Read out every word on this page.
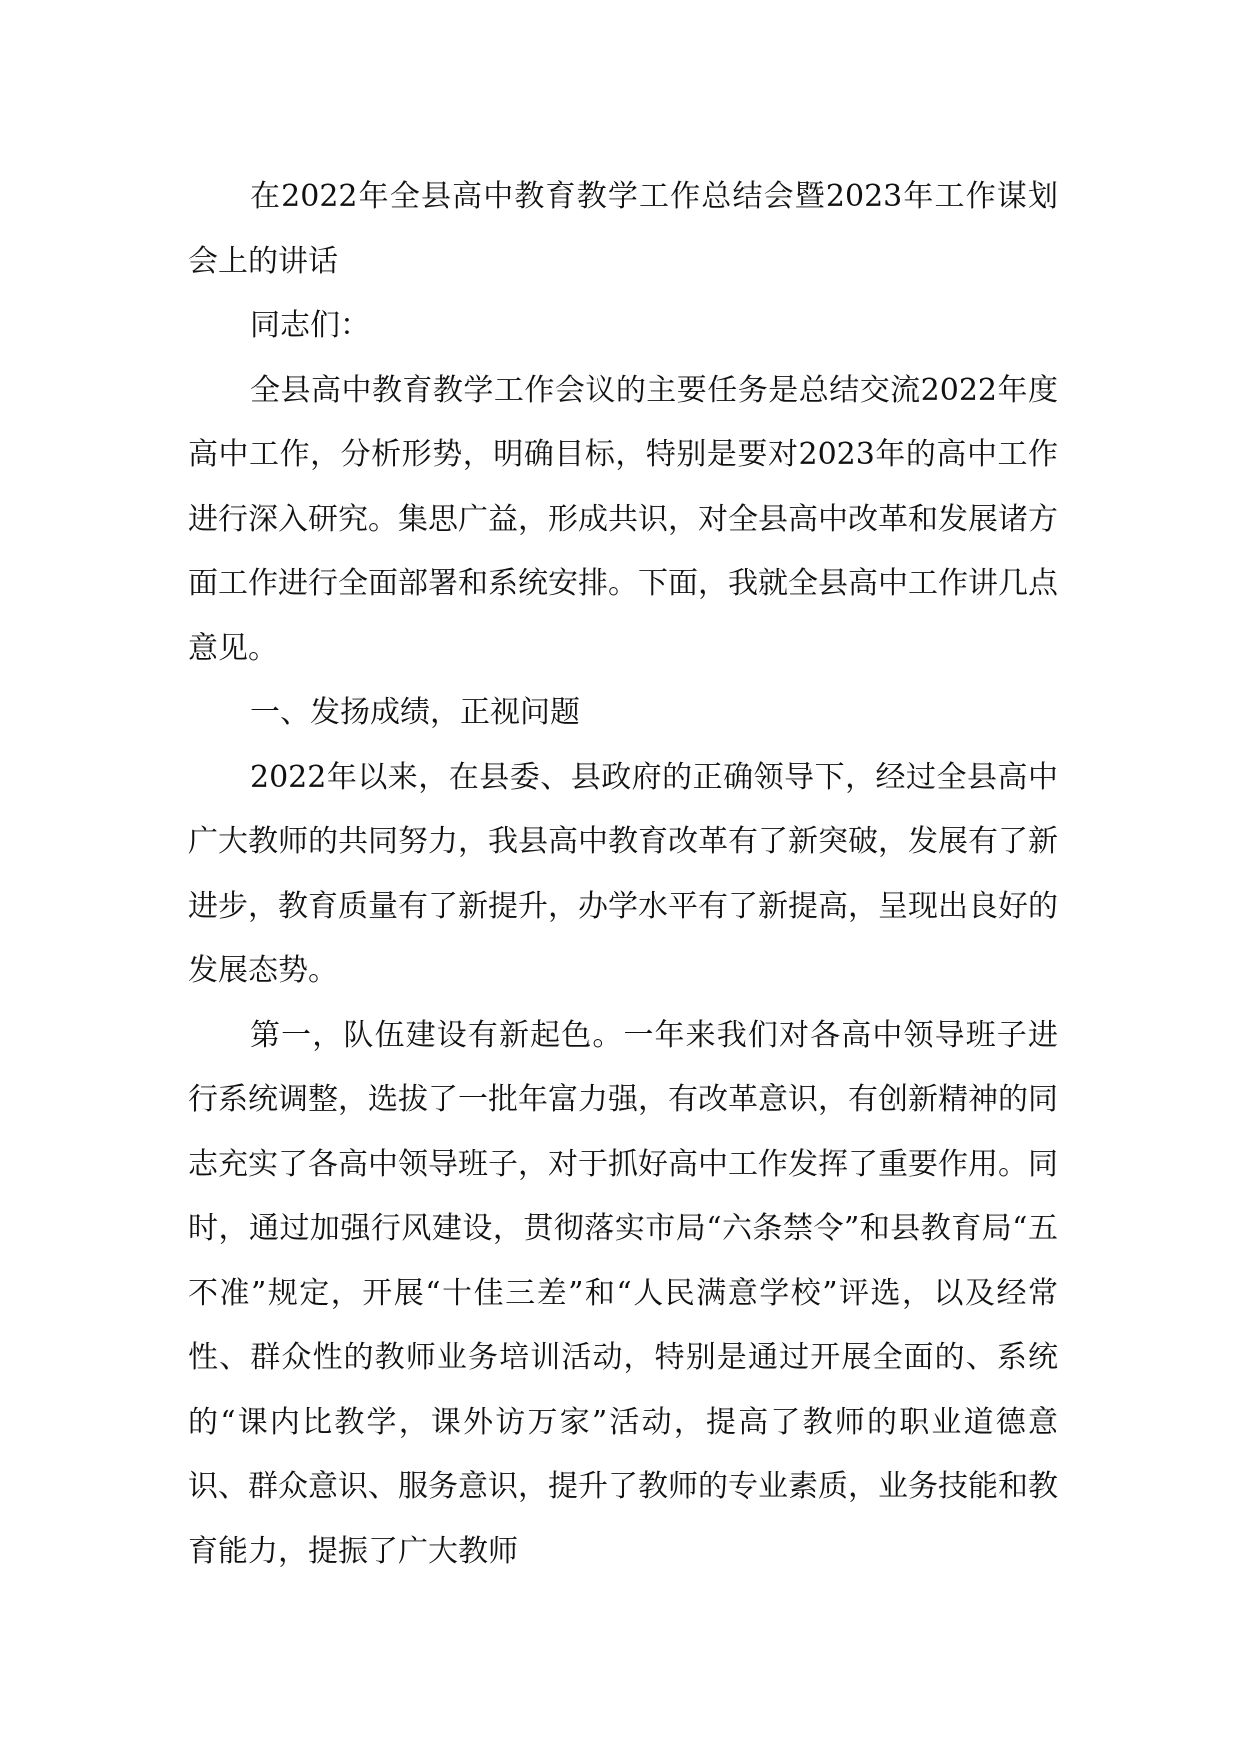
在2022年全县高中教育教学工作总结会暨2023年工作谋划会上的讲话

同志们：

全县高中教育教学工作会议的主要任务是总结交流2022年度高中工作，分析形势，明确目标，特别是要对2023年的高中工作进行深入研究。集思广益，形成共识，对全县高中改革和发展诸方面工作进行全面部署和系统安排。下面，我就全县高中工作讲几点意见。

一、发扬成绩，正视问题

2022年以来，在县委、县政府的正确领导下，经过全县高中广大教师的共同努力，我县高中教育改革有了新突破，发展有了新进步，教育质量有了新提升，办学水平有了新提高，呈现出良好的发展态势。

第一，队伍建设有新起色。一年来我们对各高中领导班子进行系统调整，选拔了一批年富力强，有改革意识，有创新精神的同志充实了各高中领导班子，对于抓好高中工作发挥了重要作用。同时，通过加强行风建设，贯彻落实市局“六条禁令”和县教育局“五不准”规定，开展“十佳三差”和“人民满意学校”评选，以及经常性、群众性的教师业务培训活动，特别是通过开展全面的、系统的“课内比教学，课外访万家”活动，提高了教师的职业道德意识、群众意识、服务意识，提升了教师的专业素质，业务技能和教育能力，提振了广大教师
